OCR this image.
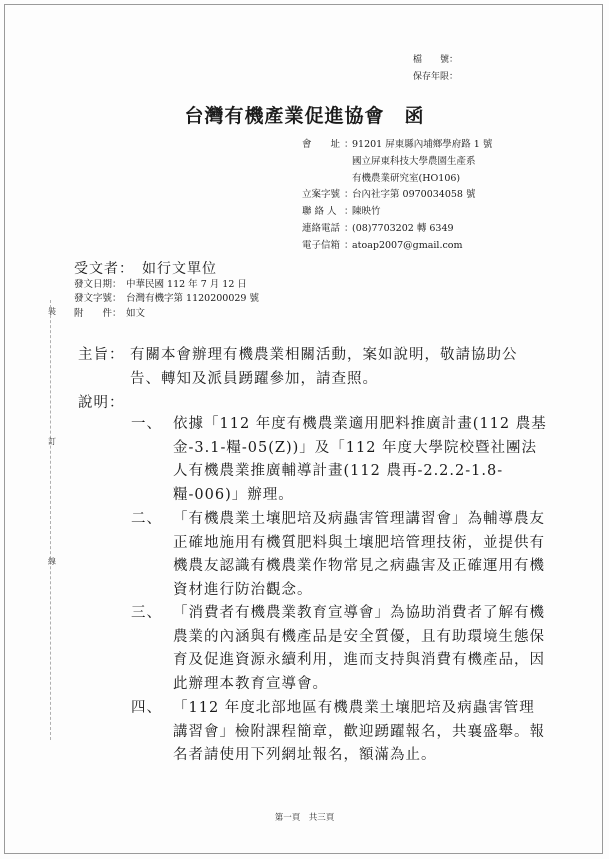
檔　　號：
保存年限：
台灣有機產業促進協會　函
會　　址 ：
91201 屏東縣內埔鄉學府路 1 號
國立屏東科技大學農園生產系
有機農業研究室(HO106)
立案字號 ：
台內社字第 0970034058 號
聯 絡 人 ：
陳映竹
連絡電話 ：
(08)7703202 轉 6349
電子信箱 ：
atoap2007@gmail.com
受文者：　如行文單位
發文日期： 中華民國 112 年 7 月 12 日
發文字號： 台灣有機字第 1120200029 號
附　　件： 如文
裝
訂
線
主旨： 有關本會辦理有機農業相關活動，案如說明，敬請協助公告、轉知及派員踴躍參加，請查照。
說明：
一、 依據「112 年度有機農業適用肥料推廣計畫(112 農基金-3.1-糧-05(Z))」及「112 年度大學院校暨社團法人有機農業推廣輔導計畫(112 農再-2.2.2-1.8-糧-006)」辦理。
二、 「有機農業土壤肥培及病蟲害管理講習會」為輔導農友正確地施用有機質肥料與土壤肥培管理技術，並提供有機農友認識有機農業作物常見之病蟲害及正確運用有機資材進行防治觀念。
三、 「消費者有機農業教育宣導會」為協助消費者了解有機農業的內涵與有機產品是安全質優，且有助環境生態保育及促進資源永續利用，進而支持與消費有機產品，因此辦理本教育宣導會。
四、 「112 年度北部地區有機農業土壤肥培及病蟲害管理講習會」檢附課程簡章，歡迎踴躍報名，共襄盛舉。報名者請使用下列網址報名，額滿為止。
第一頁　共三頁
